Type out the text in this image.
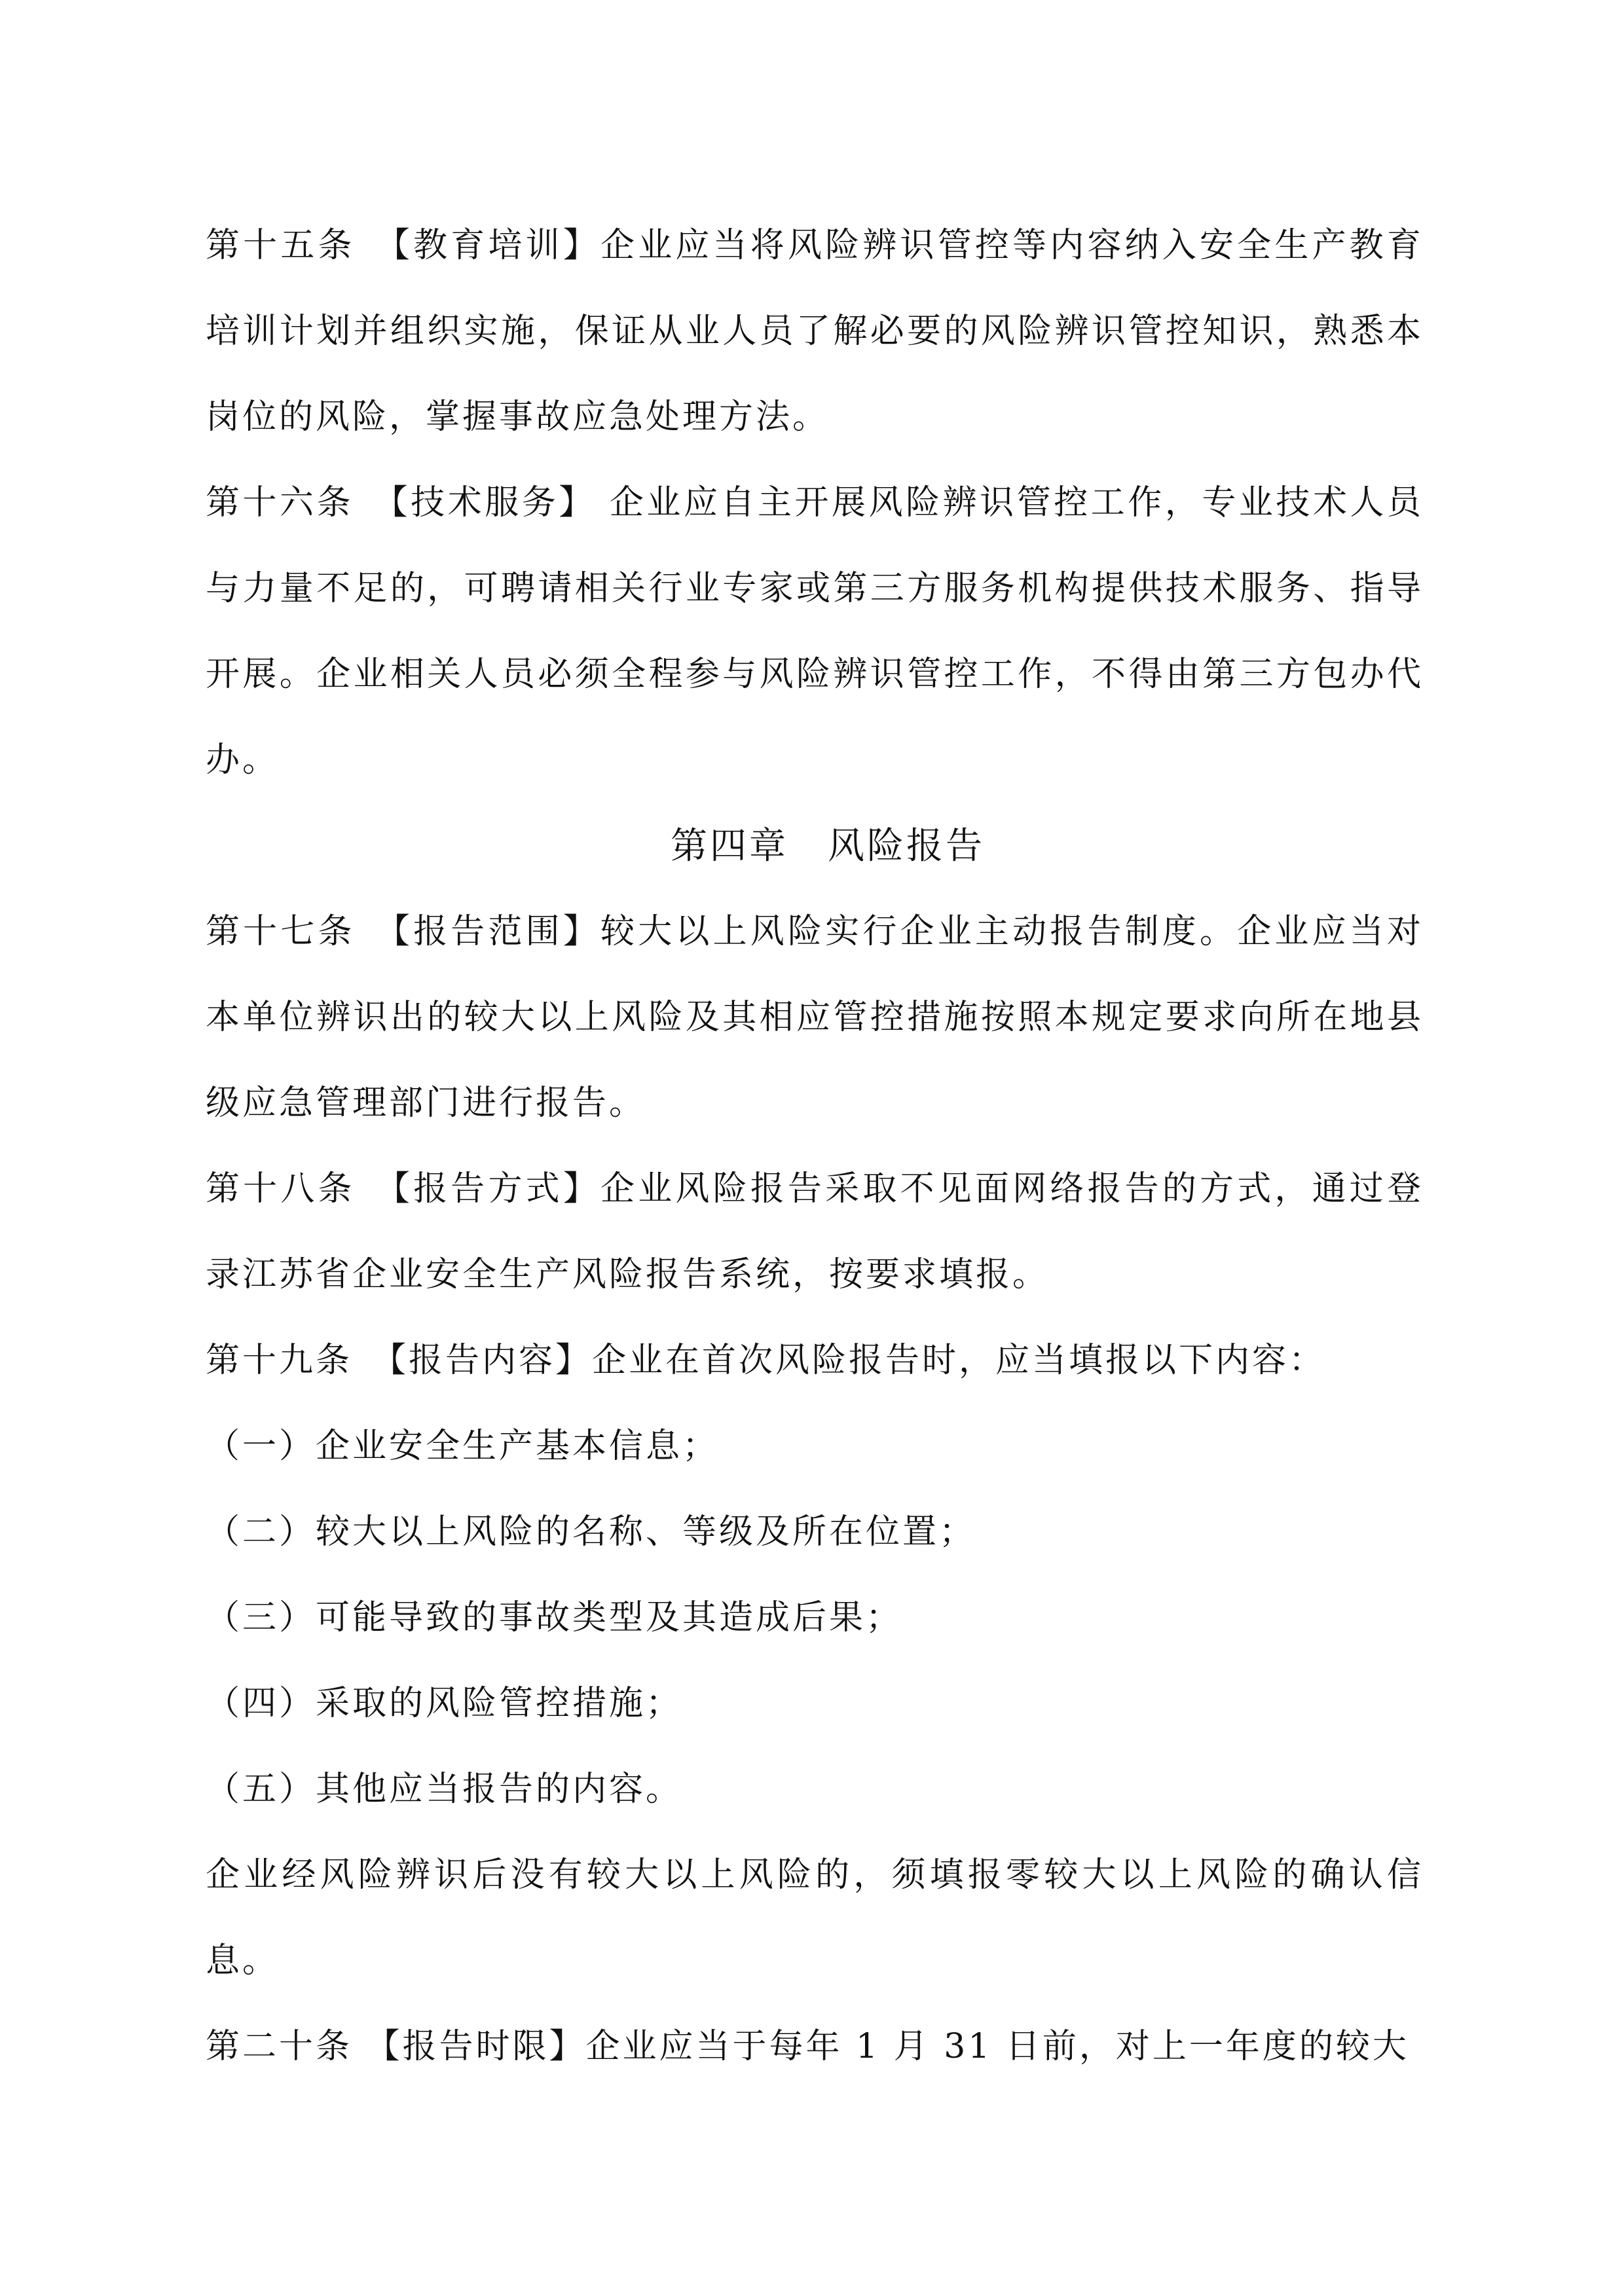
第十五条　【教育培训】企业应当将风险辨识管控等内容纳入安全生产教育培训计划并组织实施，保证从业人员了解必要的风险辨识管控知识，熟悉本岗位的风险，掌握事故应急处理方法。

第十六条　【技术服务】 企业应自主开展风险辨识管控工作，专业技术人员与力量不足的，可聘请相关行业专家或第三方服务机构提供技术服务、指导开展。企业相关人员必须全程参与风险辨识管控工作，不得由第三方包办代办。

第四章　风险报告

第十七条　【报告范围】较大以上风险实行企业主动报告制度。企业应当对本单位辨识出的较大以上风险及其相应管控措施按照本规定要求向所在地县级应急管理部门进行报告。

第十八条　【报告方式】企业风险报告采取不见面网络报告的方式，通过登录江苏省企业安全生产风险报告系统，按要求填报。

第十九条　【报告内容】企业在首次风险报告时，应当填报以下内容：

（一）企业安全生产基本信息；

（二）较大以上风险的名称、等级及所在位置；

（三）可能导致的事故类型及其造成后果；

（四）采取的风险管控措施；

（五）其他应当报告的内容。

企业经风险辨识后没有较大以上风险的，须填报零较大以上风险的确认信息。

第二十条 【报告时限】企业应当于每年 1 月 31 日前，对上一年度的较大
